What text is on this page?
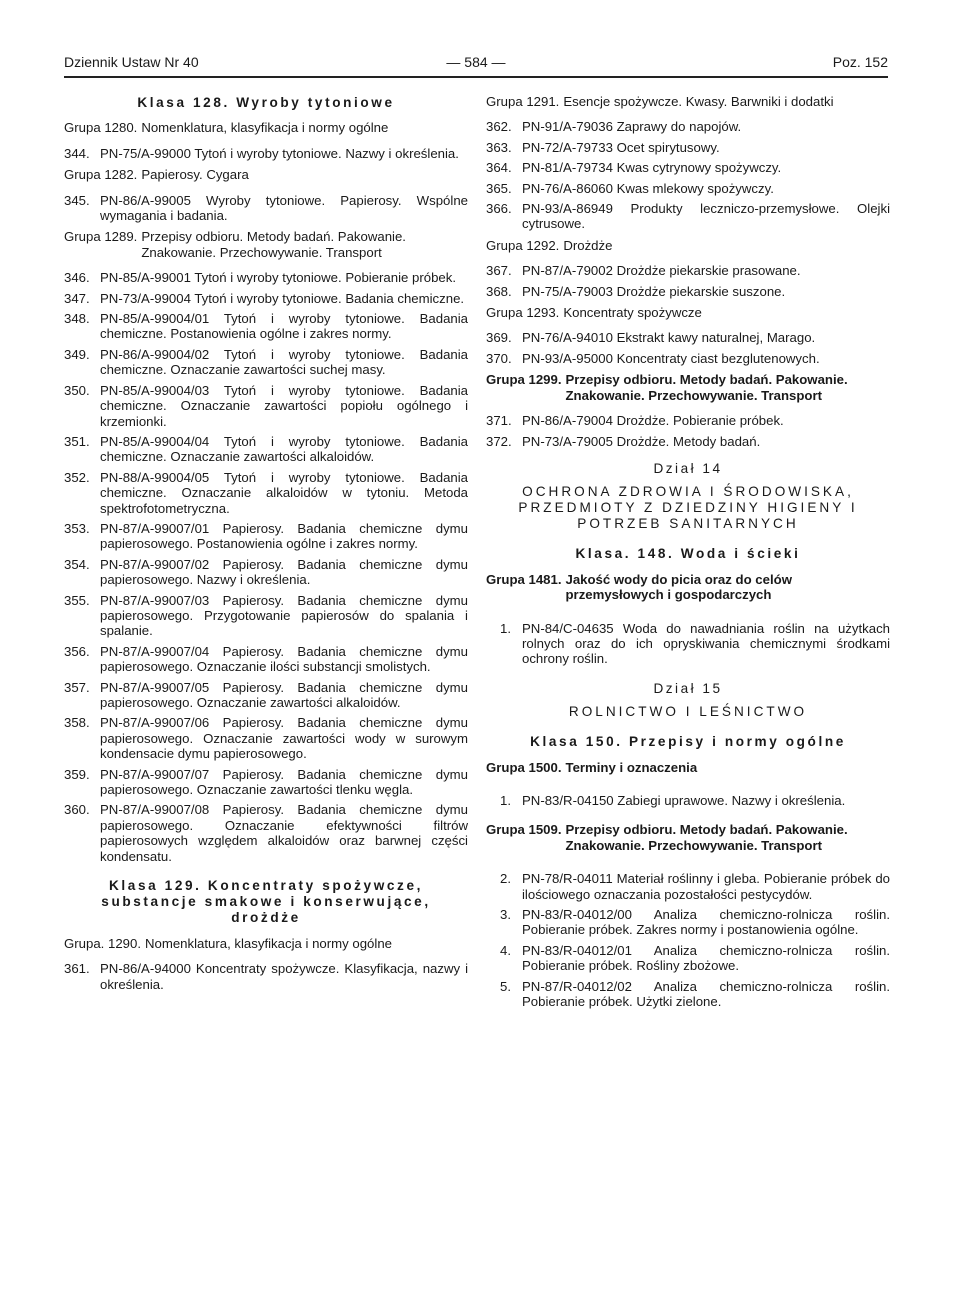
Dziennik Ustaw Nr 40	— 584 —	Poz. 152
Klasa 128. Wyroby tytoniowe
Grupa 1280. Nomenklatura, klasyfikacja i normy ogólne
344. PN-75/A-99000 Tytoń i wyroby tytoniowe. Nazwy i określenia.
Grupa 1282. Papierosy. Cygara
345. PN-86/A-99005 Wyroby tytoniowe. Papierosy. Wspólne wymagania i badania.
Grupa 1289. Przepisy odbioru. Metody badań. Pakowanie. Znakowanie. Przechowywanie. Transport
346. PN-85/A-99001 Tytoń i wyroby tytoniowe. Pobieranie próbek.
347. PN-73/A-99004 Tytoń i wyroby tytoniowe. Badania chemiczne.
348. PN-85/A-99004/01 Tytoń i wyroby tytoniowe. Badania chemiczne. Postanowienia ogólne i zakres normy.
349. PN-86/A-99004/02 Tytoń i wyroby tytoniowe. Badania chemiczne. Oznaczanie zawartości suchej masy.
350. PN-85/A-99004/03 Tytoń i wyroby tytoniowe. Badania chemiczne. Oznaczanie zawartości popiołu ogólnego i krzemionki.
351. PN-85/A-99004/04 Tytoń i wyroby tytoniowe. Badania chemiczne. Oznaczanie zawartości alkaloidów.
352. PN-88/A-99004/05 Tytoń i wyroby tytoniowe. Badania chemiczne. Oznaczanie alkaloidów w tytoniu. Metoda spektrofotometryczna.
353. PN-87/A-99007/01 Papierosy. Badania chemiczne dymu papierosowego. Postanowienia ogólne i zakres normy.
354. PN-87/A-99007/02 Papierosy. Badania chemiczne dymu papierosowego. Nazwy i określenia.
355. PN-87/A-99007/03 Papierosy. Badania chemiczne dymu papierosowego. Przygotowanie papierosów do spalania i spalanie.
356. PN-87/A-99007/04 Papierosy. Badania chemiczne dymu papierosowego. Oznaczanie ilości substancji smolistych.
357. PN-87/A-99007/05 Papierosy. Badania chemiczne dymu papierosowego. Oznaczanie zawartości alkaloidów.
358. PN-87/A-99007/06 Papierosy. Badania chemiczne dymu papierosowego. Oznaczanie zawartości wody w surowym kondensacie dymu papierosowego.
359. PN-87/A-99007/07 Papierosy. Badania chemiczne dymu papierosowego. Oznaczanie zawartości tlenku węgla.
360. PN-87/A-99007/08 Papierosy. Badania chemiczne dymu papierosowego. Oznaczanie efektywności filtrów papierosowych względem alkaloidów oraz barwnej części kondensatu.
Klasa 129. Koncentraty spożywcze, substancje smakowe i konserwujące, drożdże
Grupa. 1290. Nomenklatura, klasyfikacja i normy ogólne
361. PN-86/A-94000 Koncentraty spożywcze. Klasyfikacja, nazwy i określenia.
Grupa 1291. Esencje spożywcze. Kwasy. Barwniki i dodatki
362. PN-91/A-79036 Zaprawy do napojów.
363. PN-72/A-79733 Ocet spirytusowy.
364. PN-81/A-79734 Kwas cytrynowy spożywczy.
365. PN-76/A-86060 Kwas mlekowy spożywczy.
366. PN-93/A-86949 Produkty leczniczo-przemysłowe. Olejki cytrusowe.
Grupa 1292. Drożdże
367. PN-87/A-79002 Drożdże piekarskie prasowane.
368. PN-75/A-79003 Drożdże piekarskie suszone.
Grupa 1293. Koncentraty spożywcze
369. PN-76/A-94010 Ekstrakt kawy naturalnej, Marago.
370. PN-93/A-95000 Koncentraty ciast bezglutenowych.
Grupa 1299. Przepisy odbioru. Metody badań. Pakowanie. Znakowanie. Przechowywanie. Transport
371. PN-86/A-79004 Drożdże. Pobieranie próbek.
372. PN-73/A-79005 Drożdże. Metody badań.
Dział 14
OCHRONA ZDROWIA I ŚRODOWISKA, PRZEDMIOTY Z DZIEDZINY HIGIENY I POTRZEB SANITARNYCH
Klasa. 148. Woda i ścieki
Grupa 1481. Jakość wody do picia oraz do celów przemysłowych i gospodarczych
1. PN-84/C-04635 Woda do nawadniania roślin na użytkach rolnych oraz do ich opryskiwania chemicznymi środkami ochrony roślin.
Dział 15
ROLNICTWO I LEŚNICTWO
Klasa 150. Przepisy i normy ogólne
Grupa 1500. Terminy i oznaczenia
1. PN-83/R-04150 Zabiegi uprawowe. Nazwy i określenia.
Grupa 1509. Przepisy odbioru. Metody badań. Pakowanie. Znakowanie. Przechowywanie. Transport
2. PN-78/R-04011 Materiał roślinny i gleba. Pobieranie próbek do ilościowego oznaczania pozostałości pestycydów.
3. PN-83/R-04012/00 Analiza chemiczno-rolnicza roślin. Pobieranie próbek. Zakres normy i postanowienia ogólne.
4. PN-83/R-04012/01 Analiza chemiczno-rolnicza roślin. Pobieranie próbek. Rośliny zbożowe.
5. PN-87/R-04012/02 Analiza chemiczno-rolnicza roślin. Pobieranie próbek. Użytki zielone.
